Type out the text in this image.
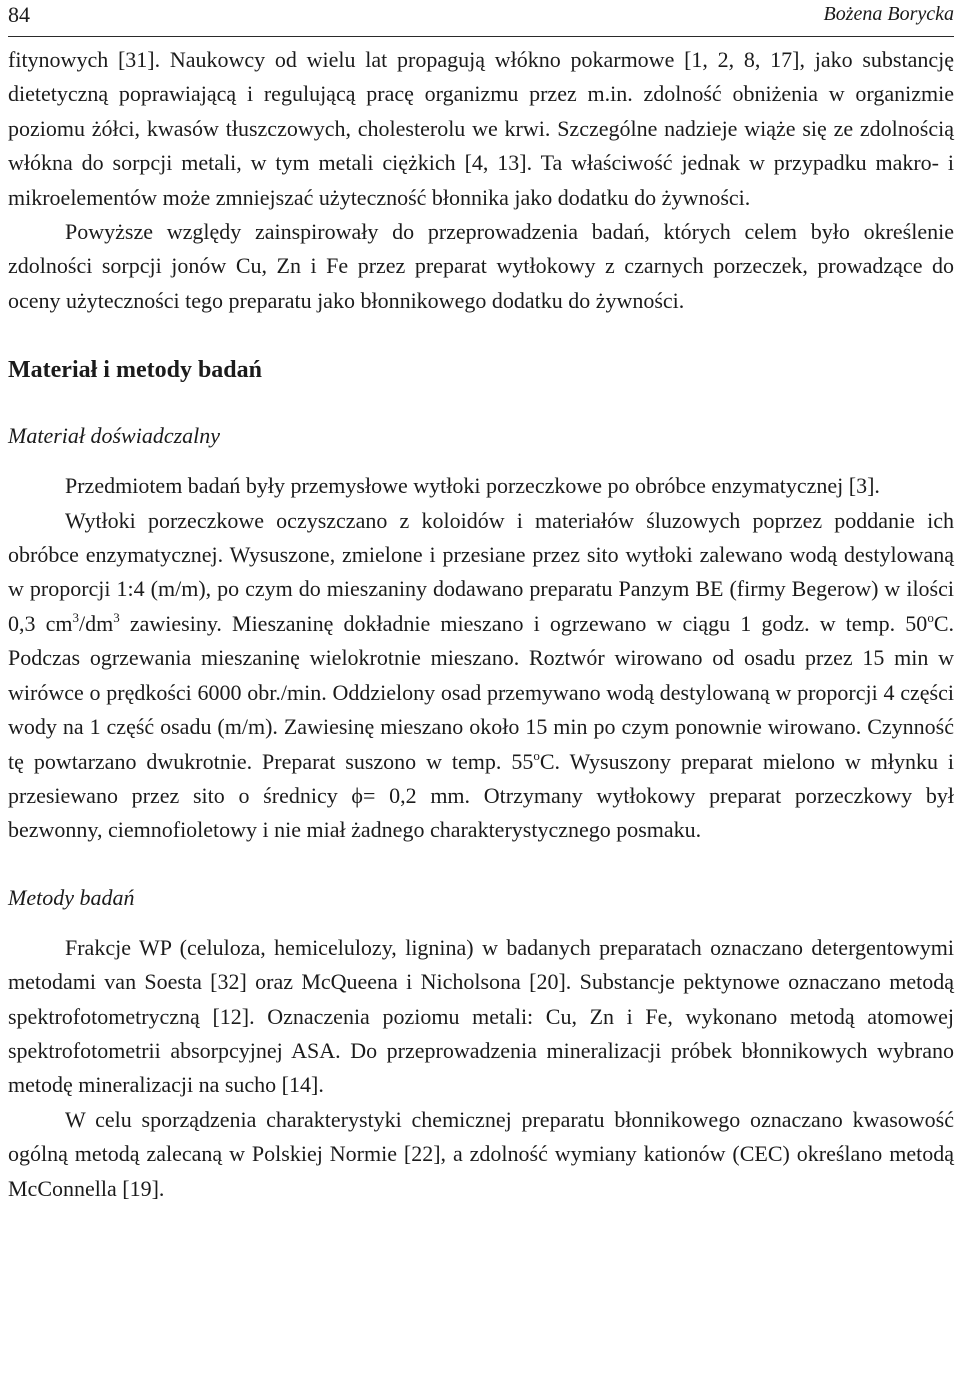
84	Bożena Borycka

fitynowych [31]. Naukowcy od wielu lat propagują włókno pokarmowe [1, 2, 8, 17], jako substancję dietetyczną poprawiającą i regulującą pracę organizmu przez m.in. zdolność obniżenia w organizmie poziomu żółci, kwasów tłuszczowych, cholesterolu we krwi. Szczególne nadzieje wiąże się ze zdolnością włókna do sorpcji metali, w tym metali ciężkich [4, 13]. Ta właściwość jednak w przypadku makro- i mikroelementów może zmniejszać użyteczność błonnika jako dodatku do żywności.

Powyższe względy zainspirowały do przeprowadzenia badań, których celem było określenie zdolności sorpcji jonów Cu, Zn i Fe przez preparat wytłokowy z czarnych porzeczek, prowadzące do oceny użyteczności tego preparatu jako błonnikowego dodatku do żywności.

Materiał i metody badań
Materiał doświadczalny

Przedmiotem badań były przemysłowe wytłoki porzeczkowe po obróbce enzymatycznej [3].

Wytłoki porzeczkowe oczyszczano z koloidów i materiałów śluzowych poprzez poddanie ich obróbce enzymatycznej. Wysuszone, zmielone i przesiane przez sito wytłoki zalewano wodą destylowaną w proporcji 1:4 (m/m), po czym do mieszaniny dodawano preparatu Panzym BE (firmy Begerow) w ilości 0,3 $cm^3/dm^3$ zawiesiny. Mieszaninę dokładnie mieszano i ogrzewano w ciągu 1 godz. w temp. 50$^o$C. Podczas ogrzewania mieszaninę wielokrotnie mieszano. Roztwór wirowano od osadu przez 15 min w wirówce o prędkości 6000 obr./min. Oddzielony osad przemywano wodą destylowaną w proporcji 4 części wody na 1 część osadu (m/m). Zawiesinę mieszano około 15 min po czym ponownie wirowano. Czynność tę powtarzano dwukrotnie. Preparat suszono w temp. 55$^o$C. Wysuszony preparat mielono w młynku i przesiewano przez sito o średnicy ϕ= 0,2 mm. Otrzymany wytłokowy preparat porzeczkowy był bezwonny, ciemnofioletowy i nie miał żadnego charakterystycznego posmaku.

Metody badań

Frakcje WP (celuloza, hemicelulozy, lignina) w badanych preparatach oznaczano detergentowymi metodami van Soesta [32] oraz McQueena i Nicholsona [20]. Substancje pektynowe oznaczano metodą spektrofotometryczną [12]. Oznaczenia poziomu metali: Cu, Zn i Fe, wykonano metodą atomowej spektrofotometrii absorpcyjnej ASA. Do przeprowadzenia mineralizacji próbek błonnikowych wybrano metodę mineralizacji na sucho [14].

W celu sporządzenia charakterystyki chemicznej preparatu błonnikowego oznaczano kwasowość ogólną metodą zalecaną w Polskiej Normie [22], a zdolność wymiany kationów (CEC) określano metodą McConnella [19].
